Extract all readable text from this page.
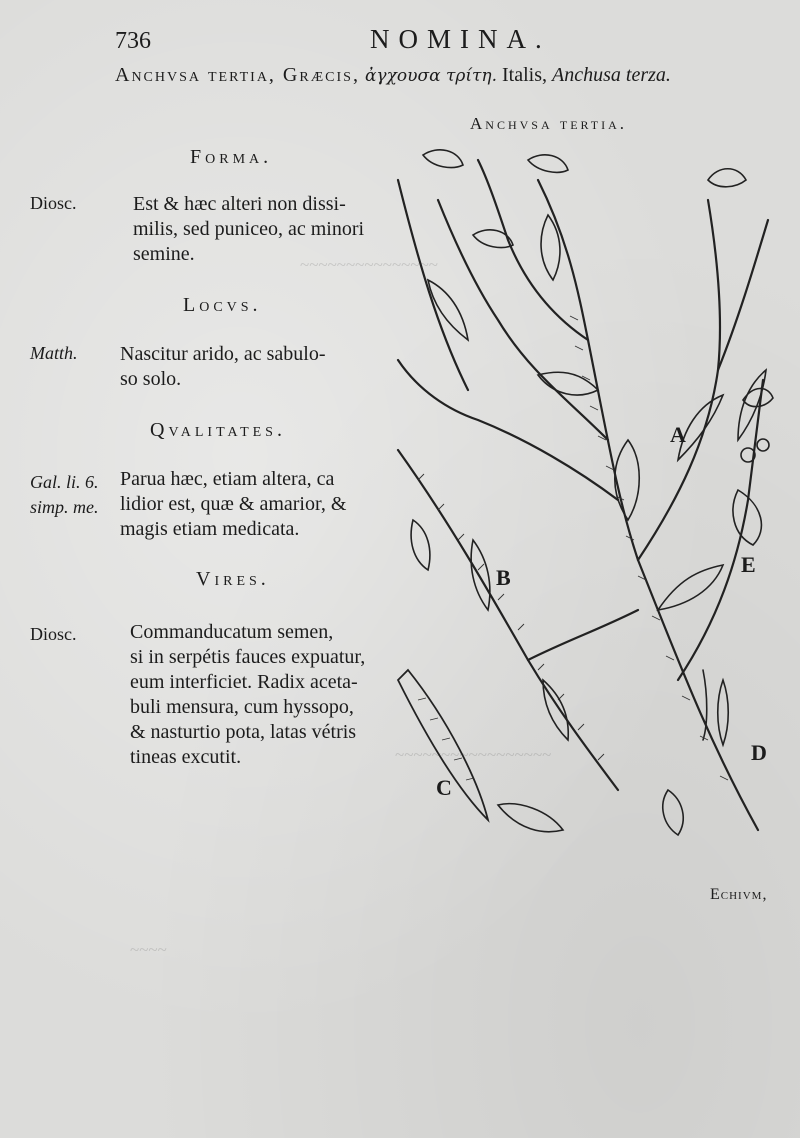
~~~~~~~~~~~~~~~
~~~~~~~~~~~~~~~~~
~~~~
736	NOMINA.
Anchvsa tertia, Græcis, ἀγχουσα τρίτη. Italis, Anchusa terza.
Anchvsa tertia.
Forma.
Diosc.	Est & hæc alteri non dissi-
milis, sed puniceo, ac minori
semine.
Locvs.
Matth. Nascitur arido, ac sabulo-
so solo.
Qvalitates.
Gal. li. 6.
simp. me.
Parua hæc, etiam altera, ca
lidior est, quæ & amarior, &
magis etiam medicata.
Vires.
Diosc.	Commanducatum semen,
si in serpétis fauces expuatur,
eum interficiet. Radix aceta-
buli mensura, cum hyssopo,
& nasturtio pota, latas vétris
tineas excutit.
A
B
C
D
E
Echivm,
